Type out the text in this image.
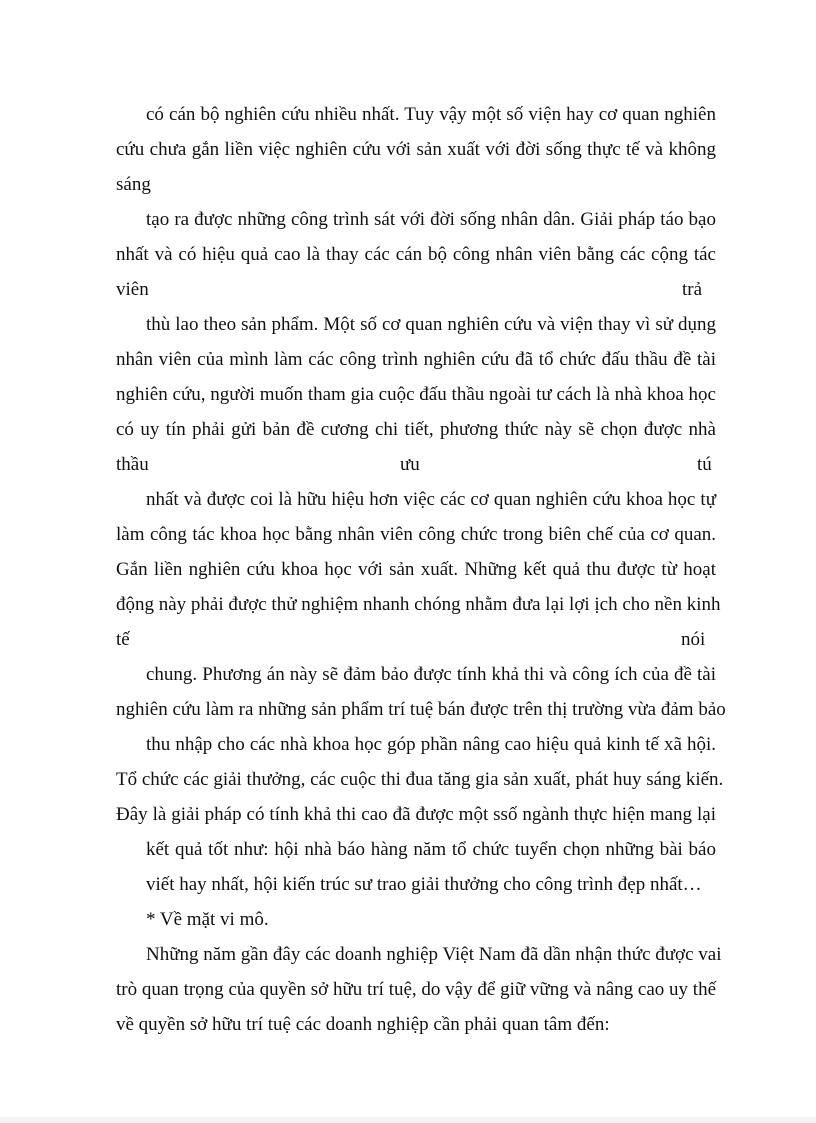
có cán bộ nghiên cứu nhiều nhất. Tuy vậy một số viện hay cơ quan nghiên
cứu chưa gắn liền việc nghiên cứu với sản xuất với đời sống thực tế và không
sáng
tạo ra được những công trình sát với đời sống nhân dân. Giải pháp táo bạo
nhất và có hiệu quả cao là thay các cán bộ công nhân viên bằng các cộng tác
viên	trả
thù lao theo sản phẩm. Một số cơ quan nghiên cứu và viện thay vì sử dụng
nhân viên của mình làm các công trình nghiên cứu đã tổ chức đấu thầu đề tài
nghiên cứu, người muốn tham gia cuộc đấu thầu ngoài tư cách là nhà khoa học
có uy tín phải gửi bản đề cương chi tiết, phương thức này sẽ chọn được nhà
thầu	ưu	tú
nhất và được coi là hữu hiệu hơn việc các cơ quan nghiên cứu khoa học tự
làm công tác khoa học bằng nhân viên công chức trong biên chế của cơ quan.
Gắn liền nghiên cứu khoa học với sản xuất. Những kết quả thu được từ hoạt
động này phải được thử nghiệm nhanh chóng nhằm đưa lại lợi ịch cho nền kinh
tế	nói
chung. Phương án này sẽ đảm bảo được tính khả thi và công ích của đề tài
nghiên cứu làm ra những sản phẩm trí tuệ bán được trên thị trường vừa đảm bảo
thu nhập cho các nhà khoa học góp phần nâng cao hiệu quả kinh tế xã hội.
Tổ chức các giải thưởng, các cuộc thi đua tăng gia sản xuất, phát huy sáng kiến.
Đây là giải pháp có tính khả thi cao đã được một ssố ngành thực hiện mang lại
kết quả tốt như: hội nhà báo hàng năm tổ chức tuyển chọn những bài báo
viết hay nhất, hội kiến trúc sư trao giải thưởng cho công trình đẹp nhất…
* Về mặt vi mô.
Những năm gần đây các doanh nghiệp Việt Nam đã dần nhận thức được vai
trò quan trọng của quyền sở hữu trí tuệ, do vậy để giữ vững và nâng cao uy thế
về quyền sở hữu trí tuệ các doanh nghiệp cần phải quan tâm đến:
